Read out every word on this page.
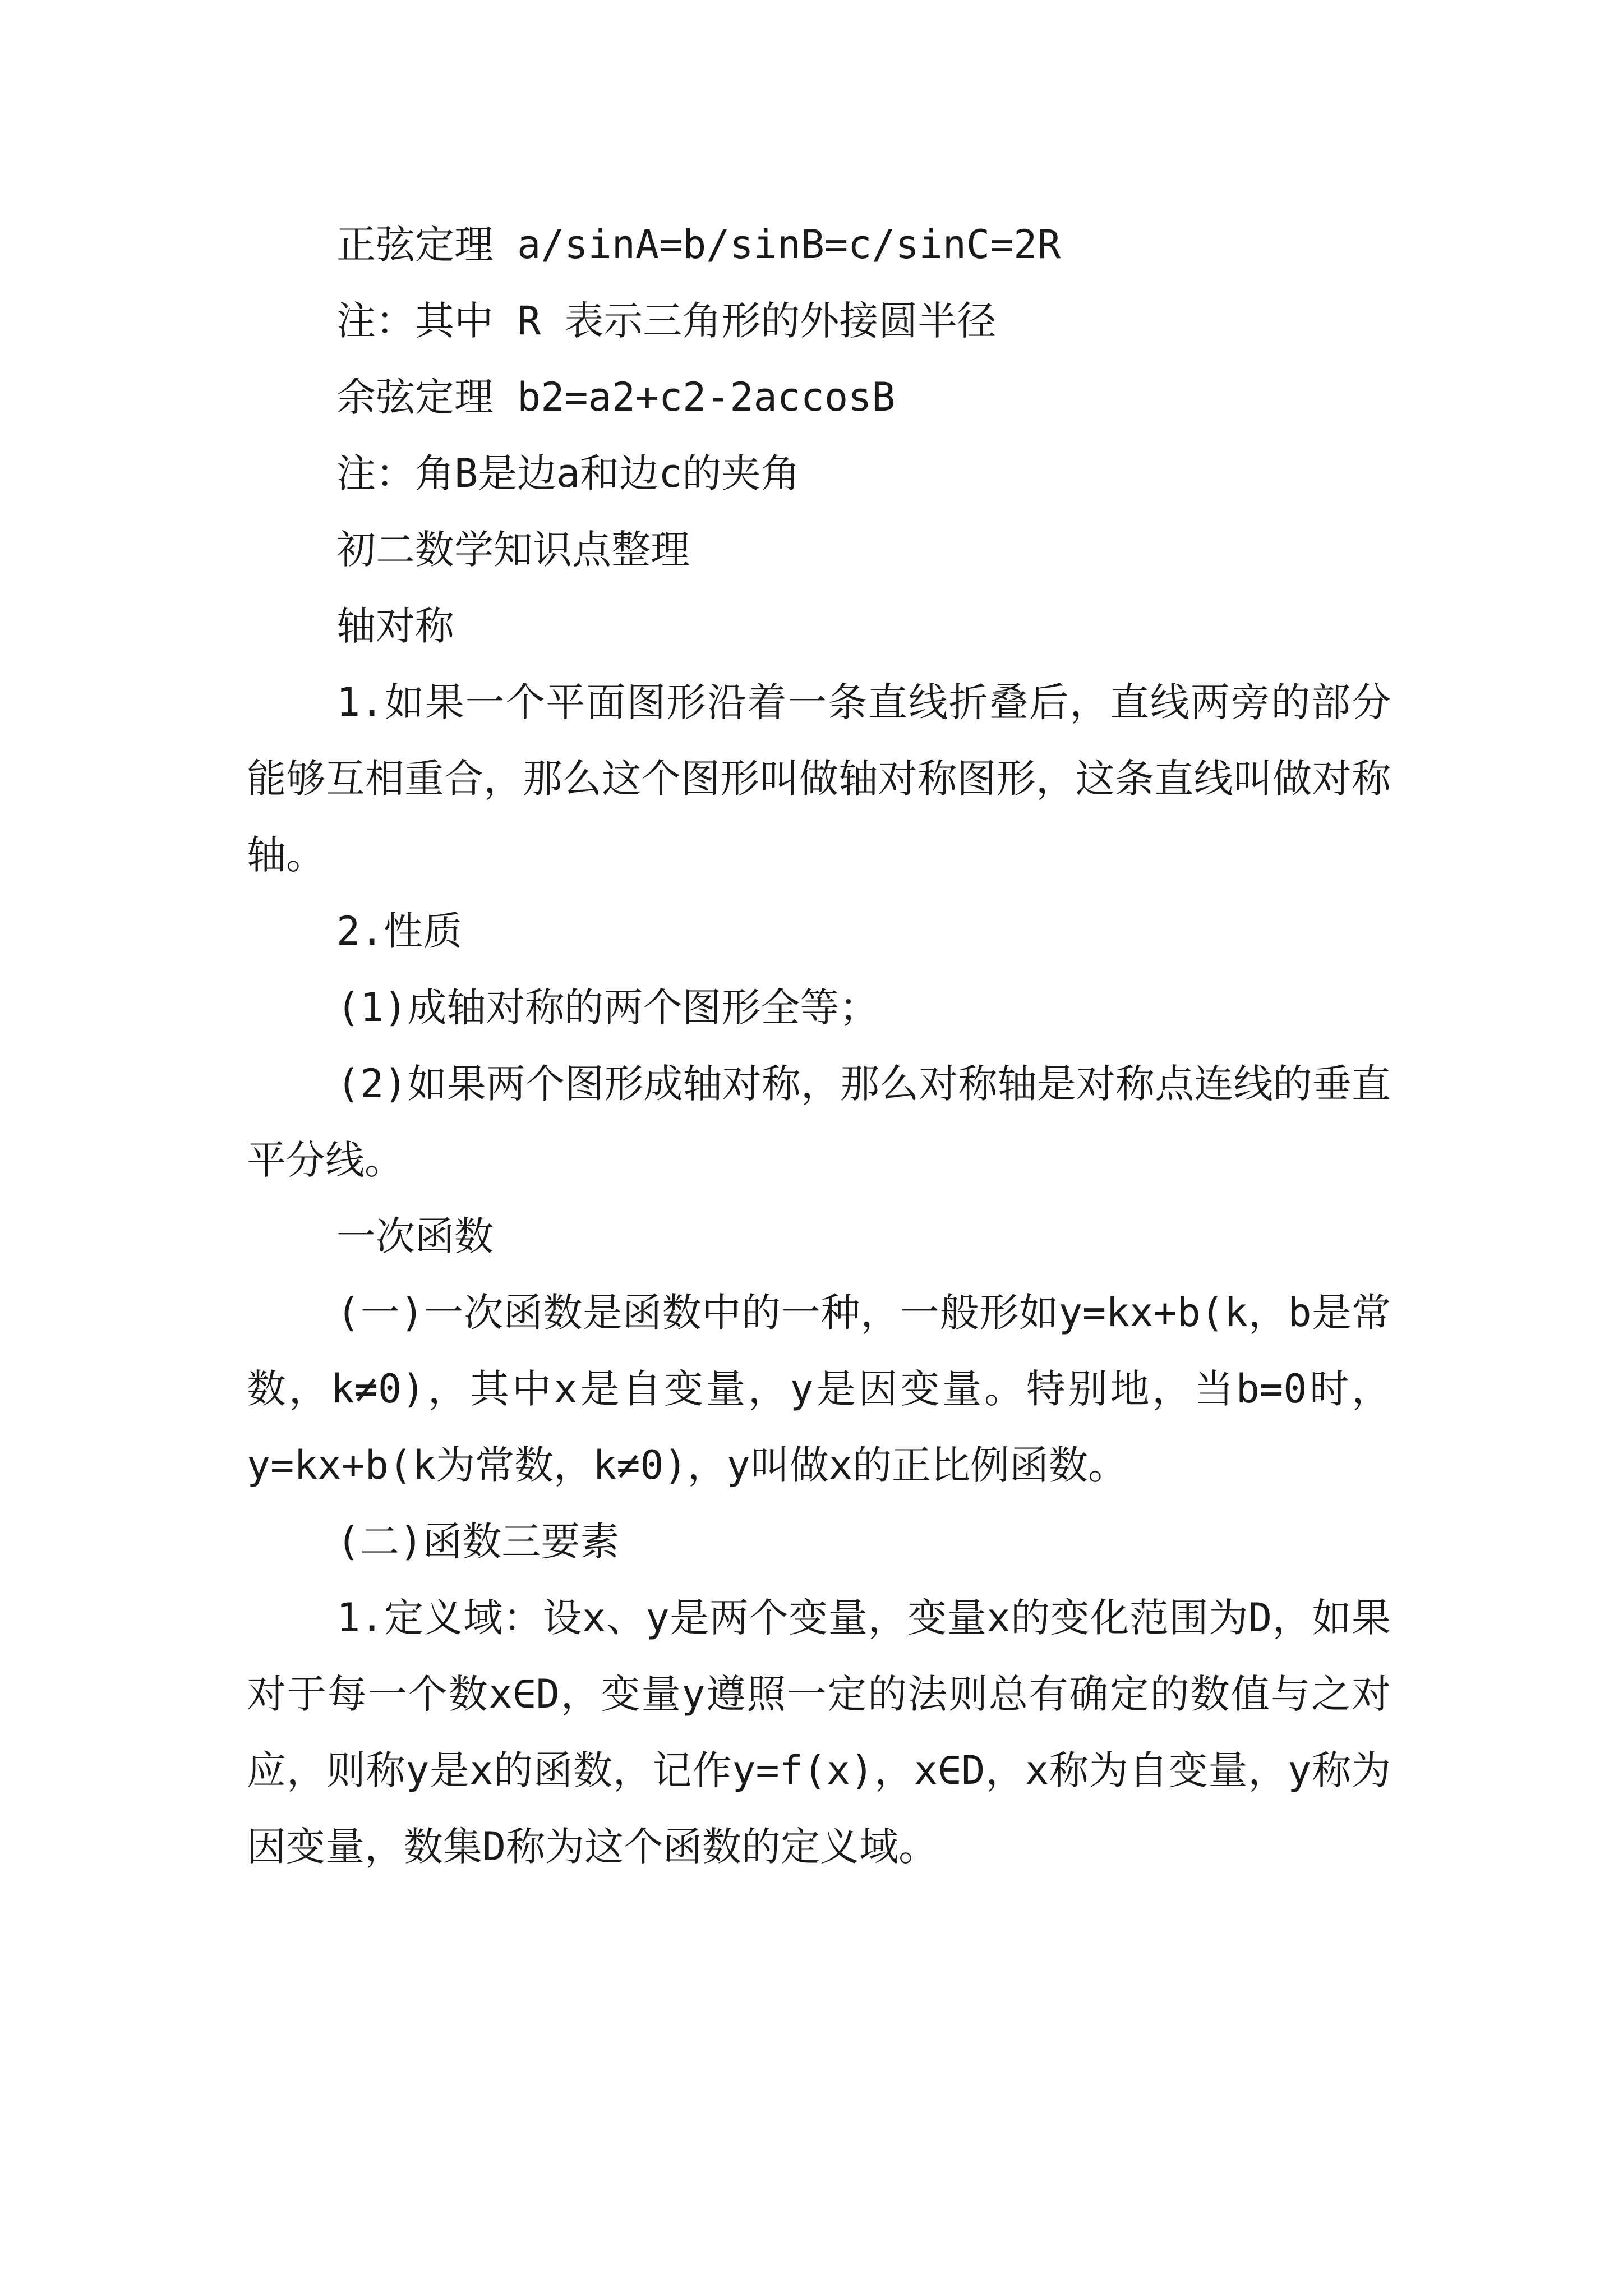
正弦定理 a/sinA=b/sinB=c/sinC=2R

注：其中 R 表示三角形的外接圆半径

余弦定理 b2=a2+c2-2accosB

注：角B是边a和边c的夹角

初二数学知识点整理

轴对称

1.如果一个平面图形沿着一条直线折叠后，直线两旁的部分能够互相重合，那么这个图形叫做轴对称图形，这条直线叫做对称轴。

2.性质

(1)成轴对称的两个图形全等；

(2)如果两个图形成轴对称，那么对称轴是对称点连线的垂直平分线。

一次函数

(一)一次函数是函数中的一种，一般形如y=kx+b(k，b是常数，k≠0)，其中x是自变量，y是因变量。特别地，当b=0时，y=kx+b(k为常数，k≠0)，y叫做x的正比例函数。

(二)函数三要素

1.定义域：设x、y是两个变量，变量x的变化范围为D，如果对于每一个数x∈D，变量y遵照一定的法则总有确定的数值与之对应，则称y是x的函数，记作y=f(x)，x∈D，x称为自变量，y称为因变量，数集D称为这个函数的定义域。
